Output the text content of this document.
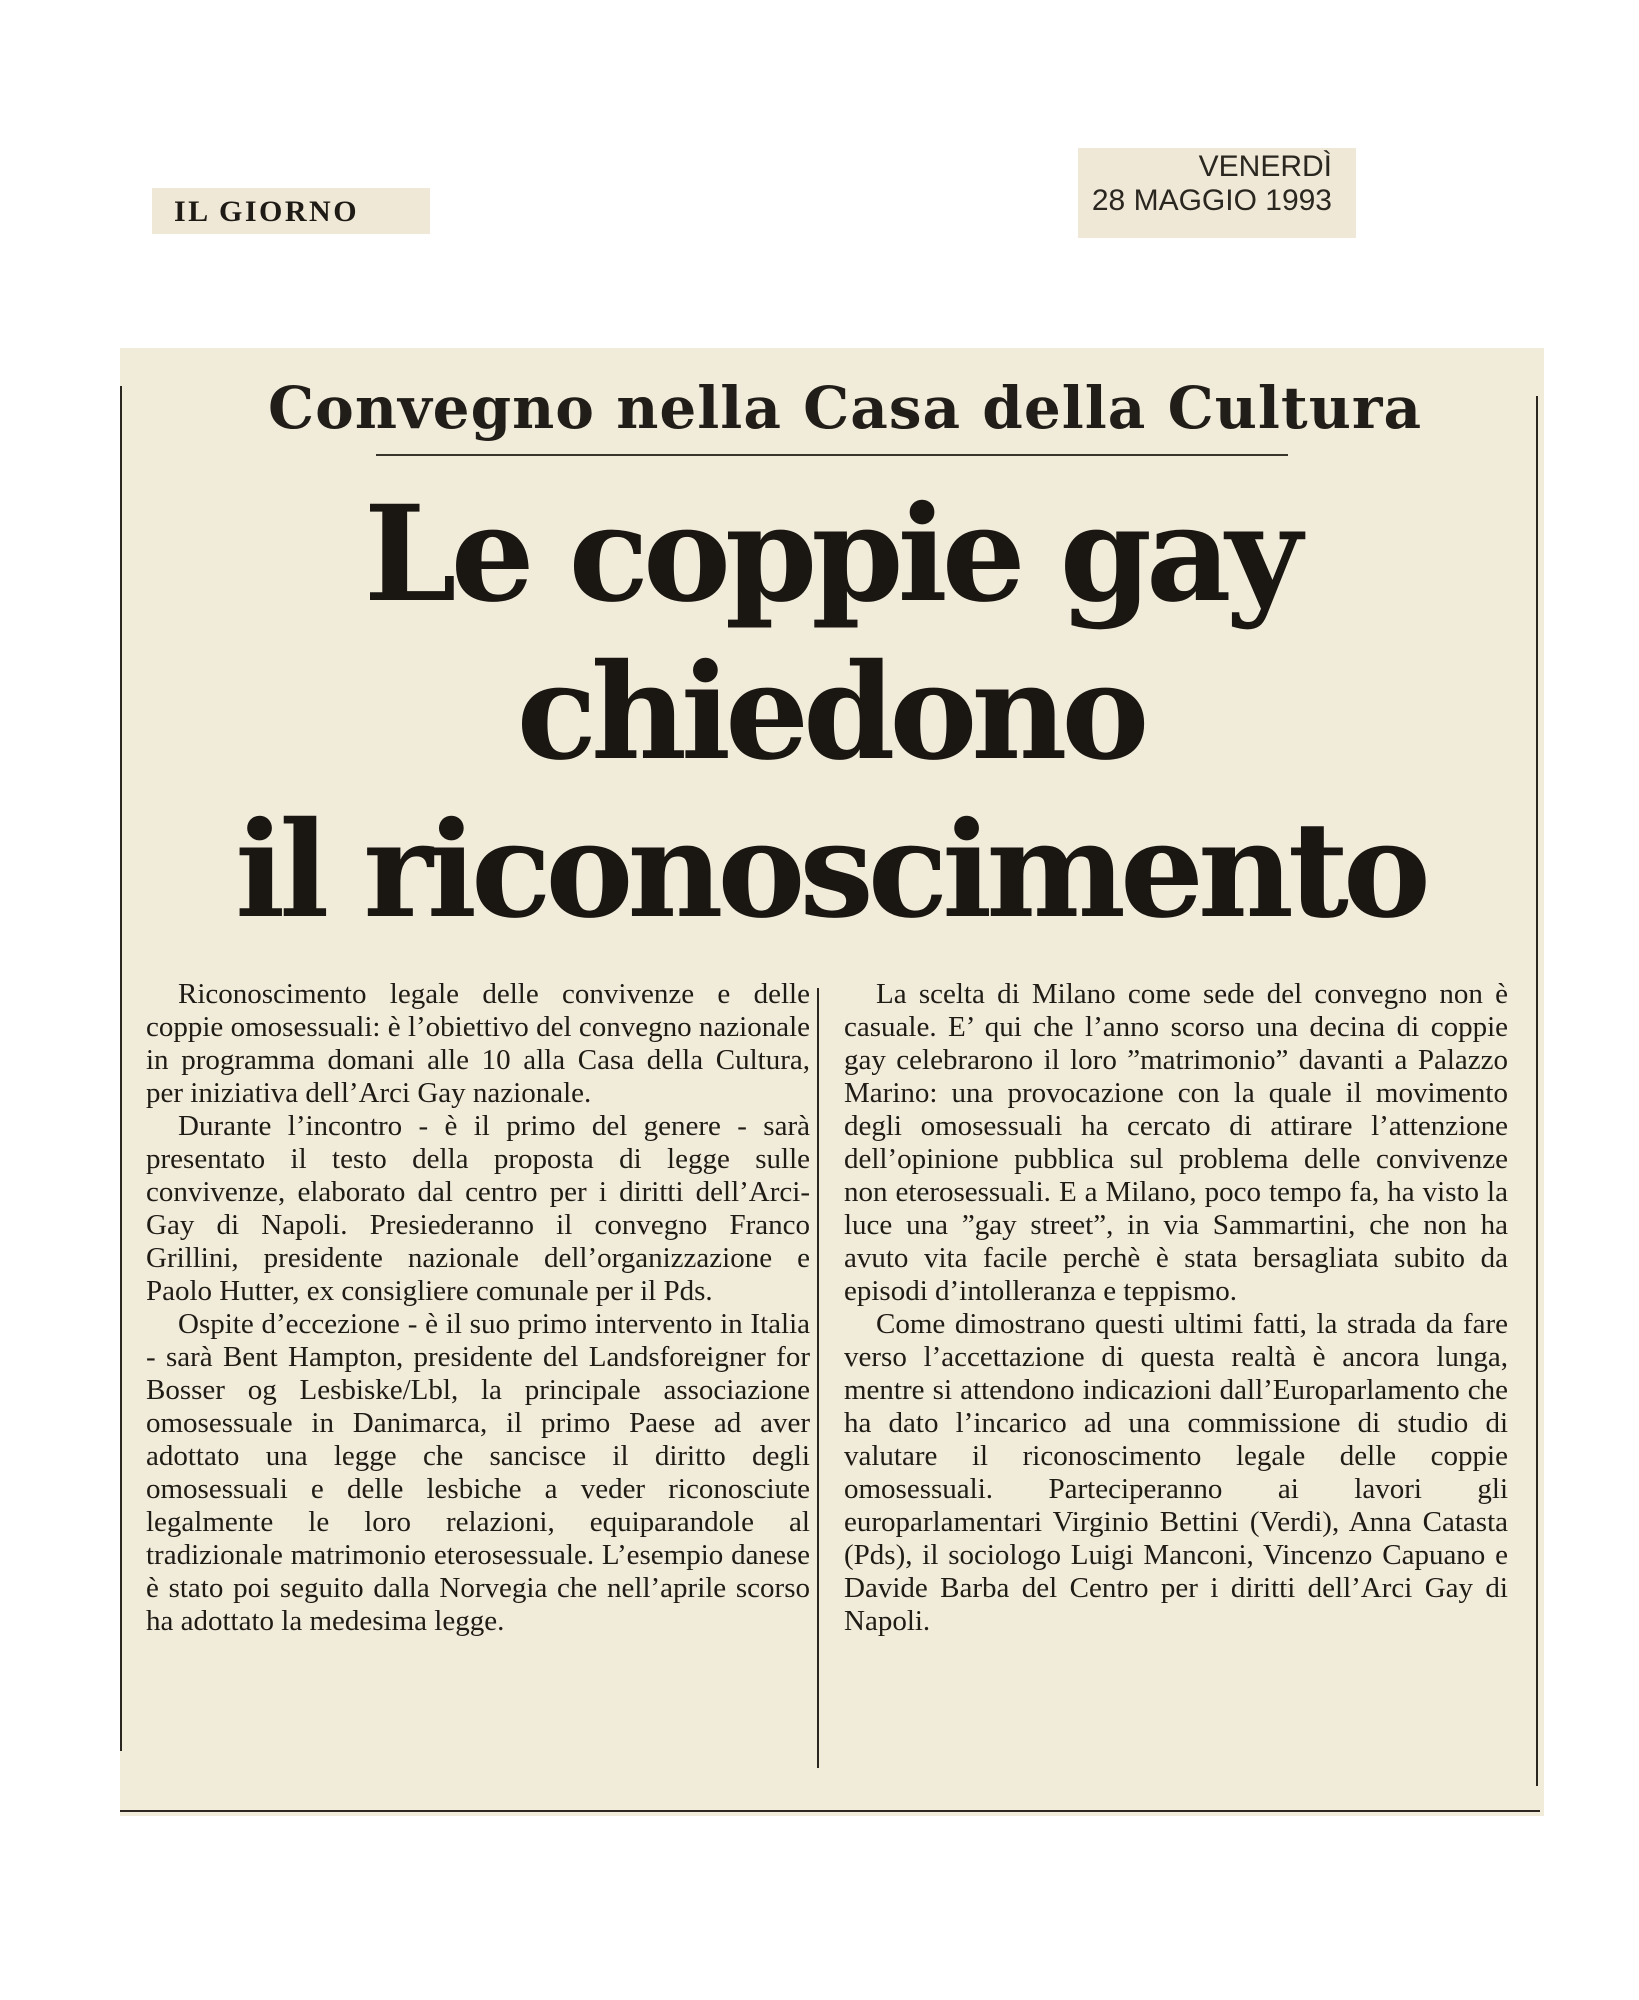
IL GIORNO
VENERDÌ
28 MAGGIO 1993
Convegno nella Casa della Cultura
Le coppie gay
chiedono
il riconoscimento

Riconoscimento legale delle convivenze e delle coppie omosessuali: è l’obiettivo del convegno nazionale in programma domani alle 10 alla Casa della Cultura, per iniziativa dell’Arci Gay nazionale.

Durante l’incontro - è il primo del genere - sarà presentato il testo della proposta di legge sulle convivenze, elaborato dal centro per i diritti dell’Arci-Gay di Napoli. Presiederanno il convegno Franco Grillini, presidente nazionale dell’organizzazione e Paolo Hutter, ex consigliere comunale per il Pds.

Ospite d’eccezione - è il suo primo intervento in Italia - sarà Bent Hampton, presidente del Landsforeigner for Bosser og Lesbiske/Lbl, la principale associazione omosessuale in Danimarca, il primo Paese ad aver adottato una legge che sancisce il diritto degli omosessuali e delle lesbiche a veder riconosciute legalmente le loro relazioni, equiparandole al tradizionale matrimonio eterosessuale. L’esempio danese è stato poi seguito dalla Norvegia che nell’aprile scorso ha adottato la medesima legge.

La scelta di Milano come sede del convegno non è casuale. E’ qui che l’anno scorso una decina di coppie gay celebrarono il loro ”matrimonio” davanti a Palazzo Marino: una provocazione con la quale il movimento degli omosessuali ha cercato di attirare l’attenzione dell’opinione pubblica sul problema delle convivenze non eterosessuali. E a Milano, poco tempo fa, ha visto la luce una ”gay street”, in via Sammartini, che non ha avuto vita facile perchè è stata bersagliata subito da episodi d’intolleranza e teppismo.

Come dimostrano questi ultimi fatti, la strada da fare verso l’accettazione di questa realtà è ancora lunga, mentre si attendono indicazioni dall’Europarlamento che ha dato l’incarico ad una commissione di studio di valutare il riconoscimento legale delle coppie omosessuali. Parteciperanno ai lavori gli europarlamentari Virginio Bettini (Verdi), Anna Catasta (Pds), il sociologo Luigi Manconi, Vincenzo Capuano e Davide Barba del Centro per i diritti dell’Arci Gay di Napoli.
